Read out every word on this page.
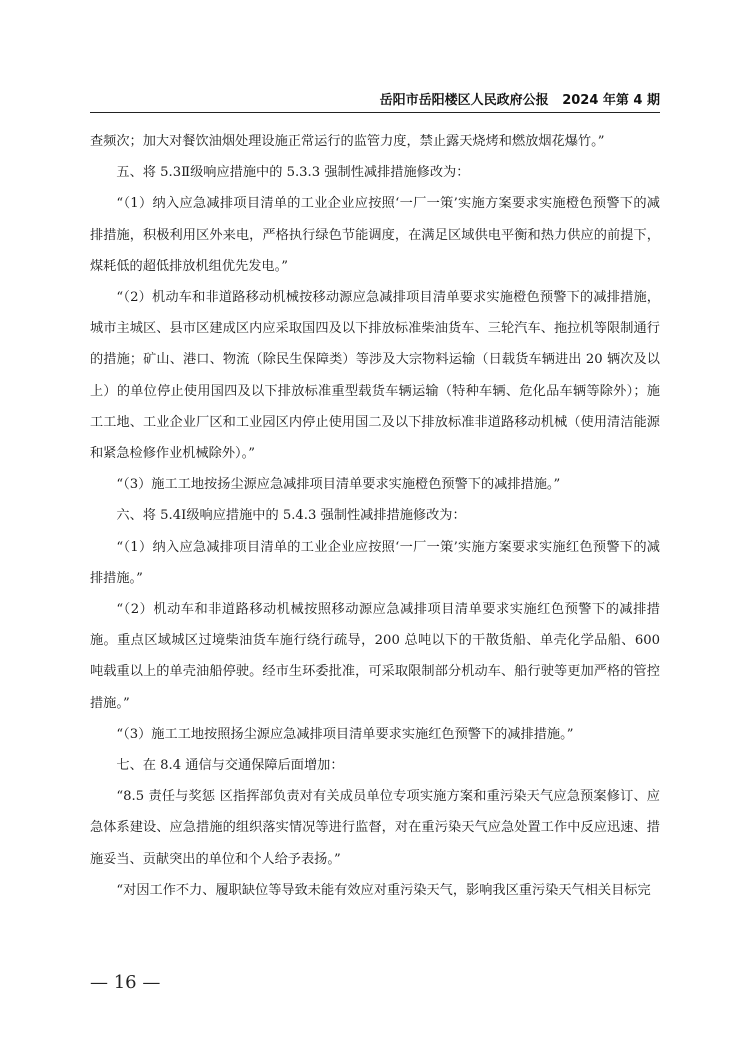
岳阳市岳阳楼区人民政府公报 2024 年第 4 期

查频次；加大对餐饮油烟处理设施正常运行的监管力度，禁止露天烧烤和燃放烟花爆竹。”

五、将 5.3Ⅱ级响应措施中的 5.3.3 强制性减排措施修改为：

“（1）纳入应急减排项目清单的工业企业应按照‘一厂一策’实施方案要求实施橙色预警下的减排措施，积极利用区外来电，严格执行绿色节能调度，在满足区域供电平衡和热力供应的前提下，煤耗低的超低排放机组优先发电。”

“（2）机动车和非道路移动机械按移动源应急减排项目清单要求实施橙色预警下的减排措施，城市主城区、县市区建成区内应采取国四及以下排放标准柴油货车、三轮汽车、拖拉机等限制通行的措施；矿山、港口、物流（除民生保障类）等涉及大宗物料运输（日载货车辆进出 20 辆次及以上）的单位停止使用国四及以下排放标准重型载货车辆运输（特种车辆、危化品车辆等除外）；施工工地、工业企业厂区和工业园区内停止使用国二及以下排放标准非道路移动机械（使用清洁能源和紧急检修作业机械除外）。”

“（3）施工工地按扬尘源应急减排项目清单要求实施橙色预警下的减排措施。”

六、将 5.4Ⅰ级响应措施中的 5.4.3 强制性减排措施修改为：

“（1）纳入应急减排项目清单的工业企业应按照‘一厂一策’实施方案要求实施红色预警下的减排措施。”

“（2）机动车和非道路移动机械按照移动源应急减排项目清单要求实施红色预警下的减排措施。重点区域城区过境柴油货车施行绕行疏导，200 总吨以下的干散货船、单壳化学品船、600 吨载重以上的单壳油船停驶。经市生环委批准，可采取限制部分机动车、船行驶等更加严格的管控措施。”

“（3）施工工地按照扬尘源应急减排项目清单要求实施红色预警下的减排措施。”

七、在 8.4 通信与交通保障后面增加：

“8.5 责任与奖惩 区指挥部负责对有关成员单位专项实施方案和重污染天气应急预案修订、应急体系建设、应急措施的组织落实情况等进行监督，对在重污染天气应急处置工作中反应迅速、措施妥当、贡献突出的单位和个人给予表扬。”

“对因工作不力、履职缺位等导致未能有效应对重污染天气，影响我区重污染天气相关目标完

— 16 —
